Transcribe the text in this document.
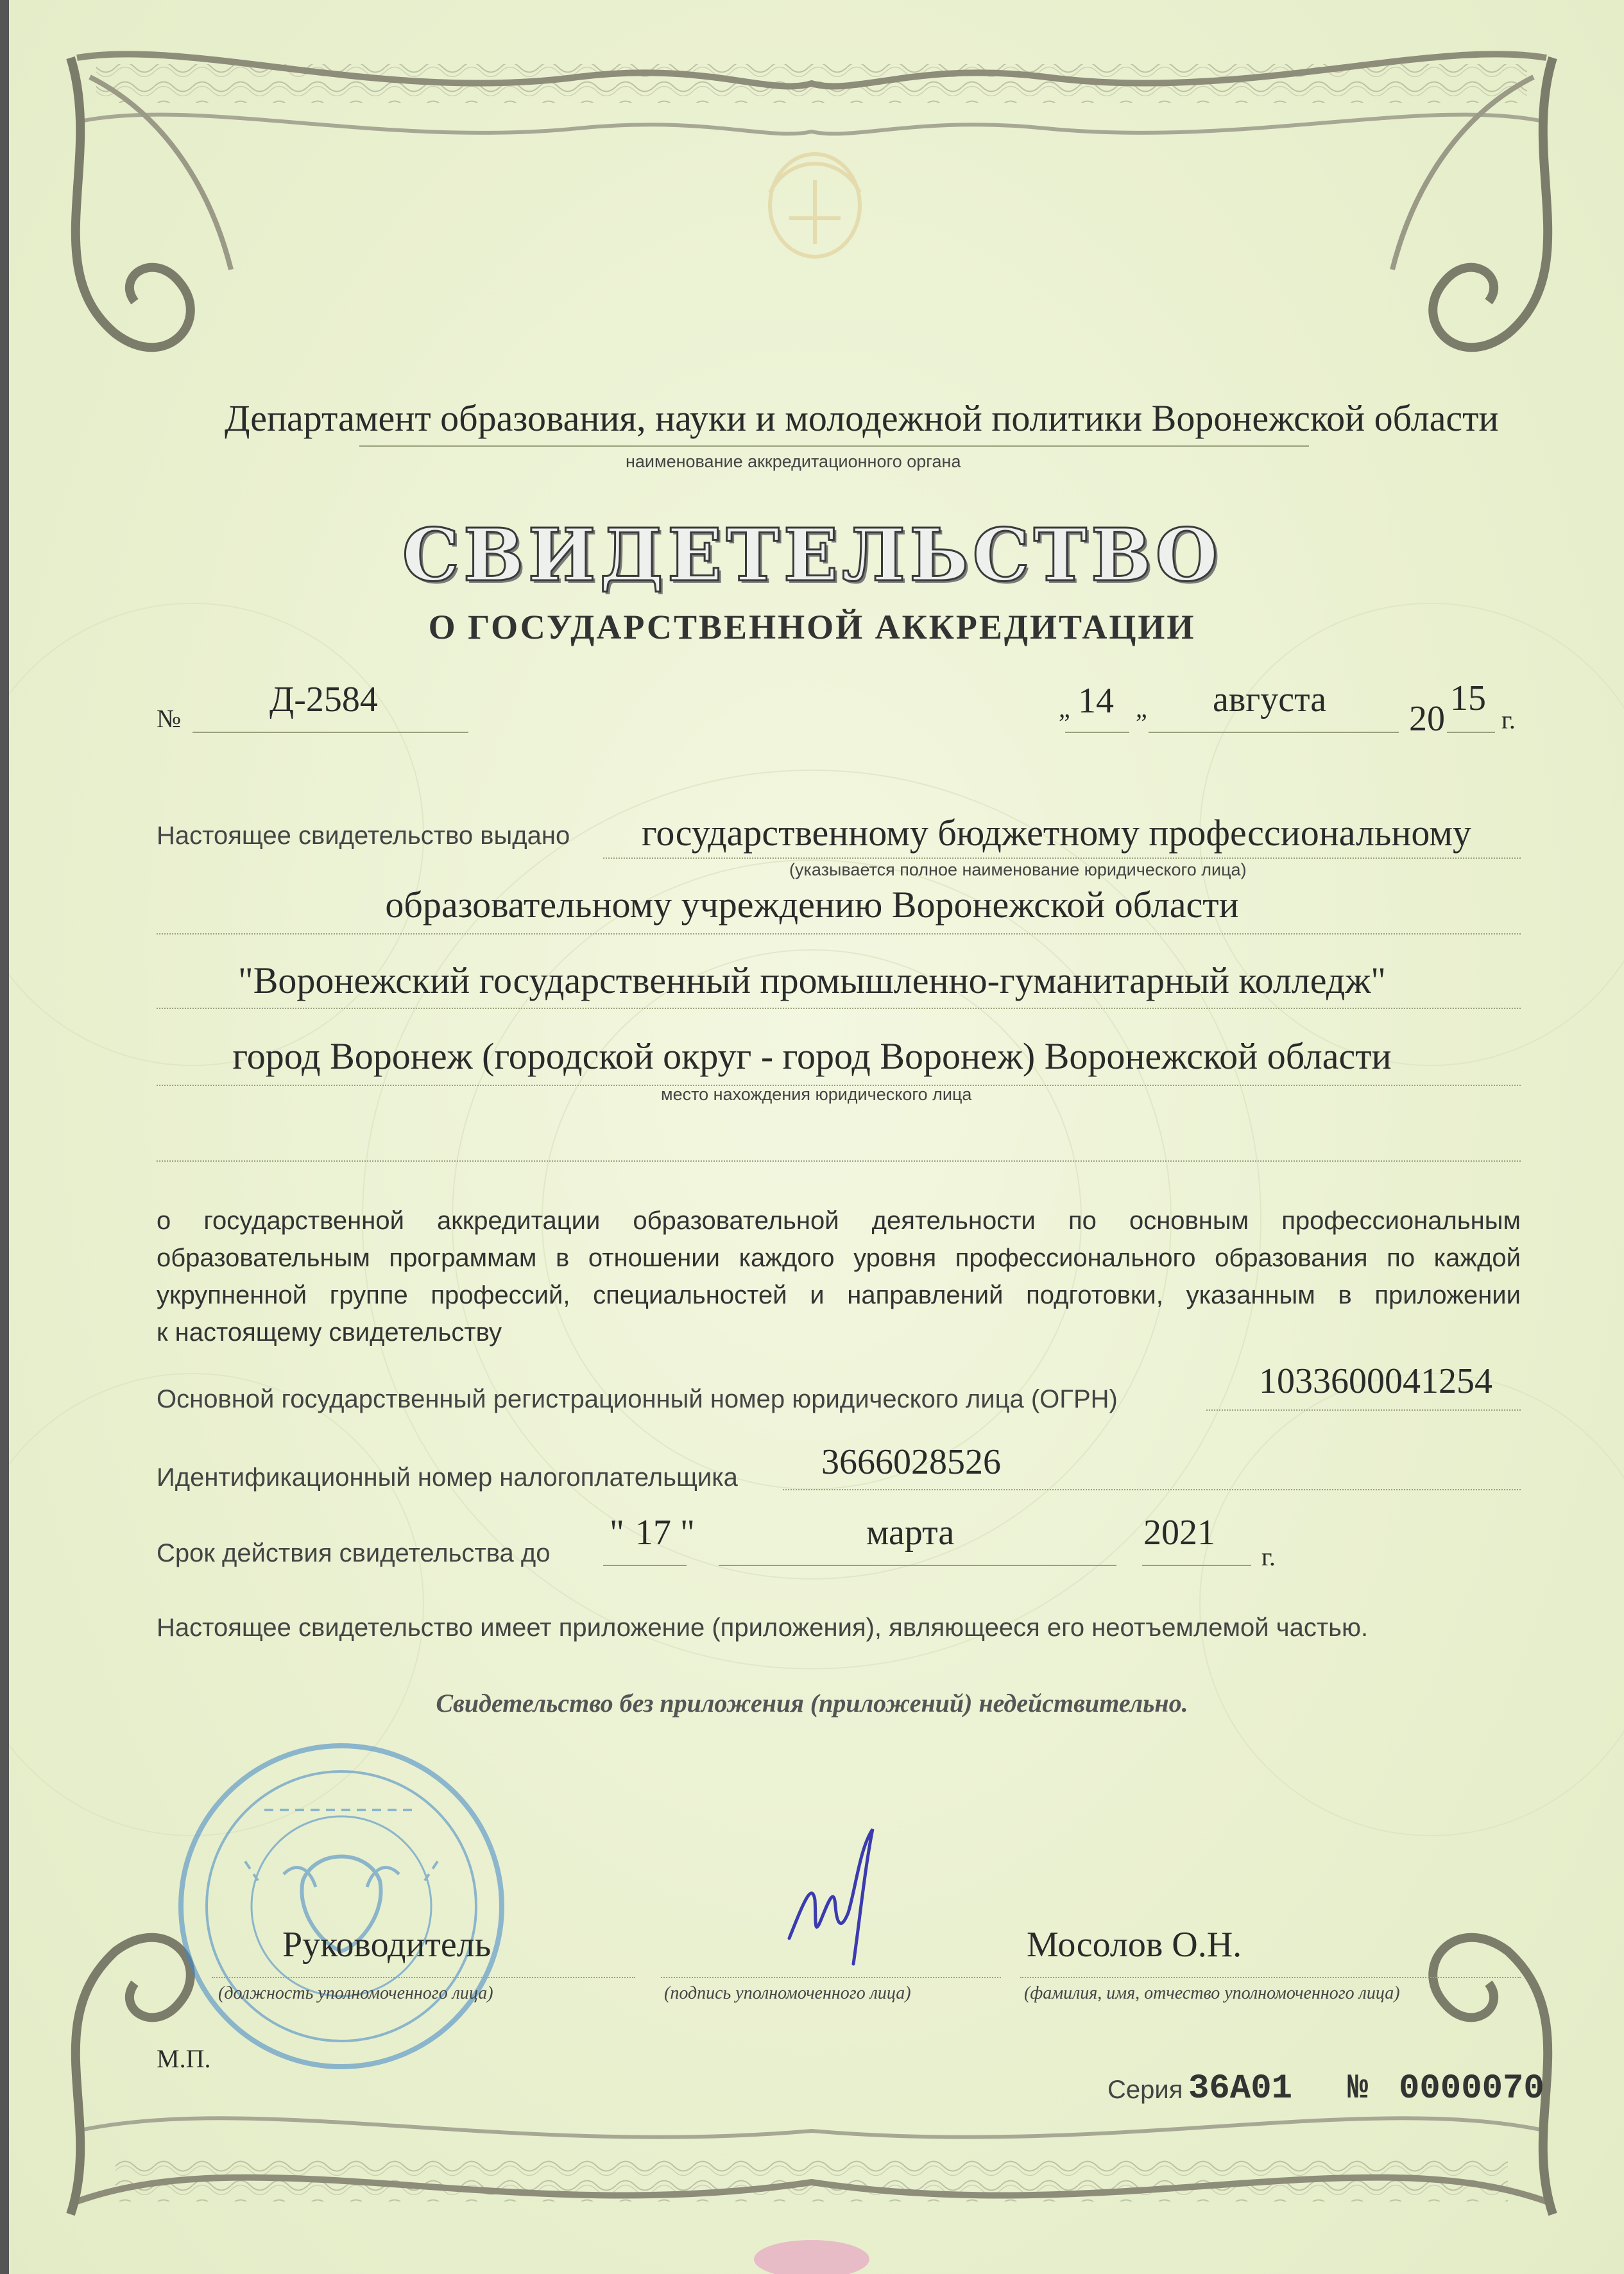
Департамент образования, науки и молодежной политики Воронежской области
наименование аккредитационного органа
СВИДЕТЕЛЬСТВО
О ГОСУДАРСТВЕННОЙ АККРЕДИТАЦИИ
№ Д-2584	„ 14 „ августа 20
15
г.
Настоящее свидетельство выдано государственному бюджетному профессиональному
(указывается полное наименование юридического лица)
образовательному учреждению Воронежской области
"Воронежский государственный промышленно-гуманитарный колледж"
город Воронеж (городской округ - город Воронеж) Воронежской области
место нахождения юридического лица
о государственной аккредитации образовательной деятельности по основным профессиональным
образовательным программам в отношении каждого уровня профессионального образования по каждой
укрупненной группе профессий, специальностей и направлений подготовки, указанным в приложении
к настоящему свидетельству
Основной государственный регистрационный номер юридического лица (ОГРН)	1033600041254
Идентификационный номер налогоплательщика 3666028526
Срок действия свидетельства до
" 17 "	марта	2021
г.
Настоящее свидетельство имеет приложение (приложения), являющееся его неотъемлемой частью.
Свидетельство без приложения (приложений) недействительно.
Руководитель
(должность уполномоченного лица)	(подпись уполномоченного лица)
Мосолов О.Н.
(фамилия, имя, отчество уполномоченного лица)
М.П.
Серия 36А01 № 0000070
